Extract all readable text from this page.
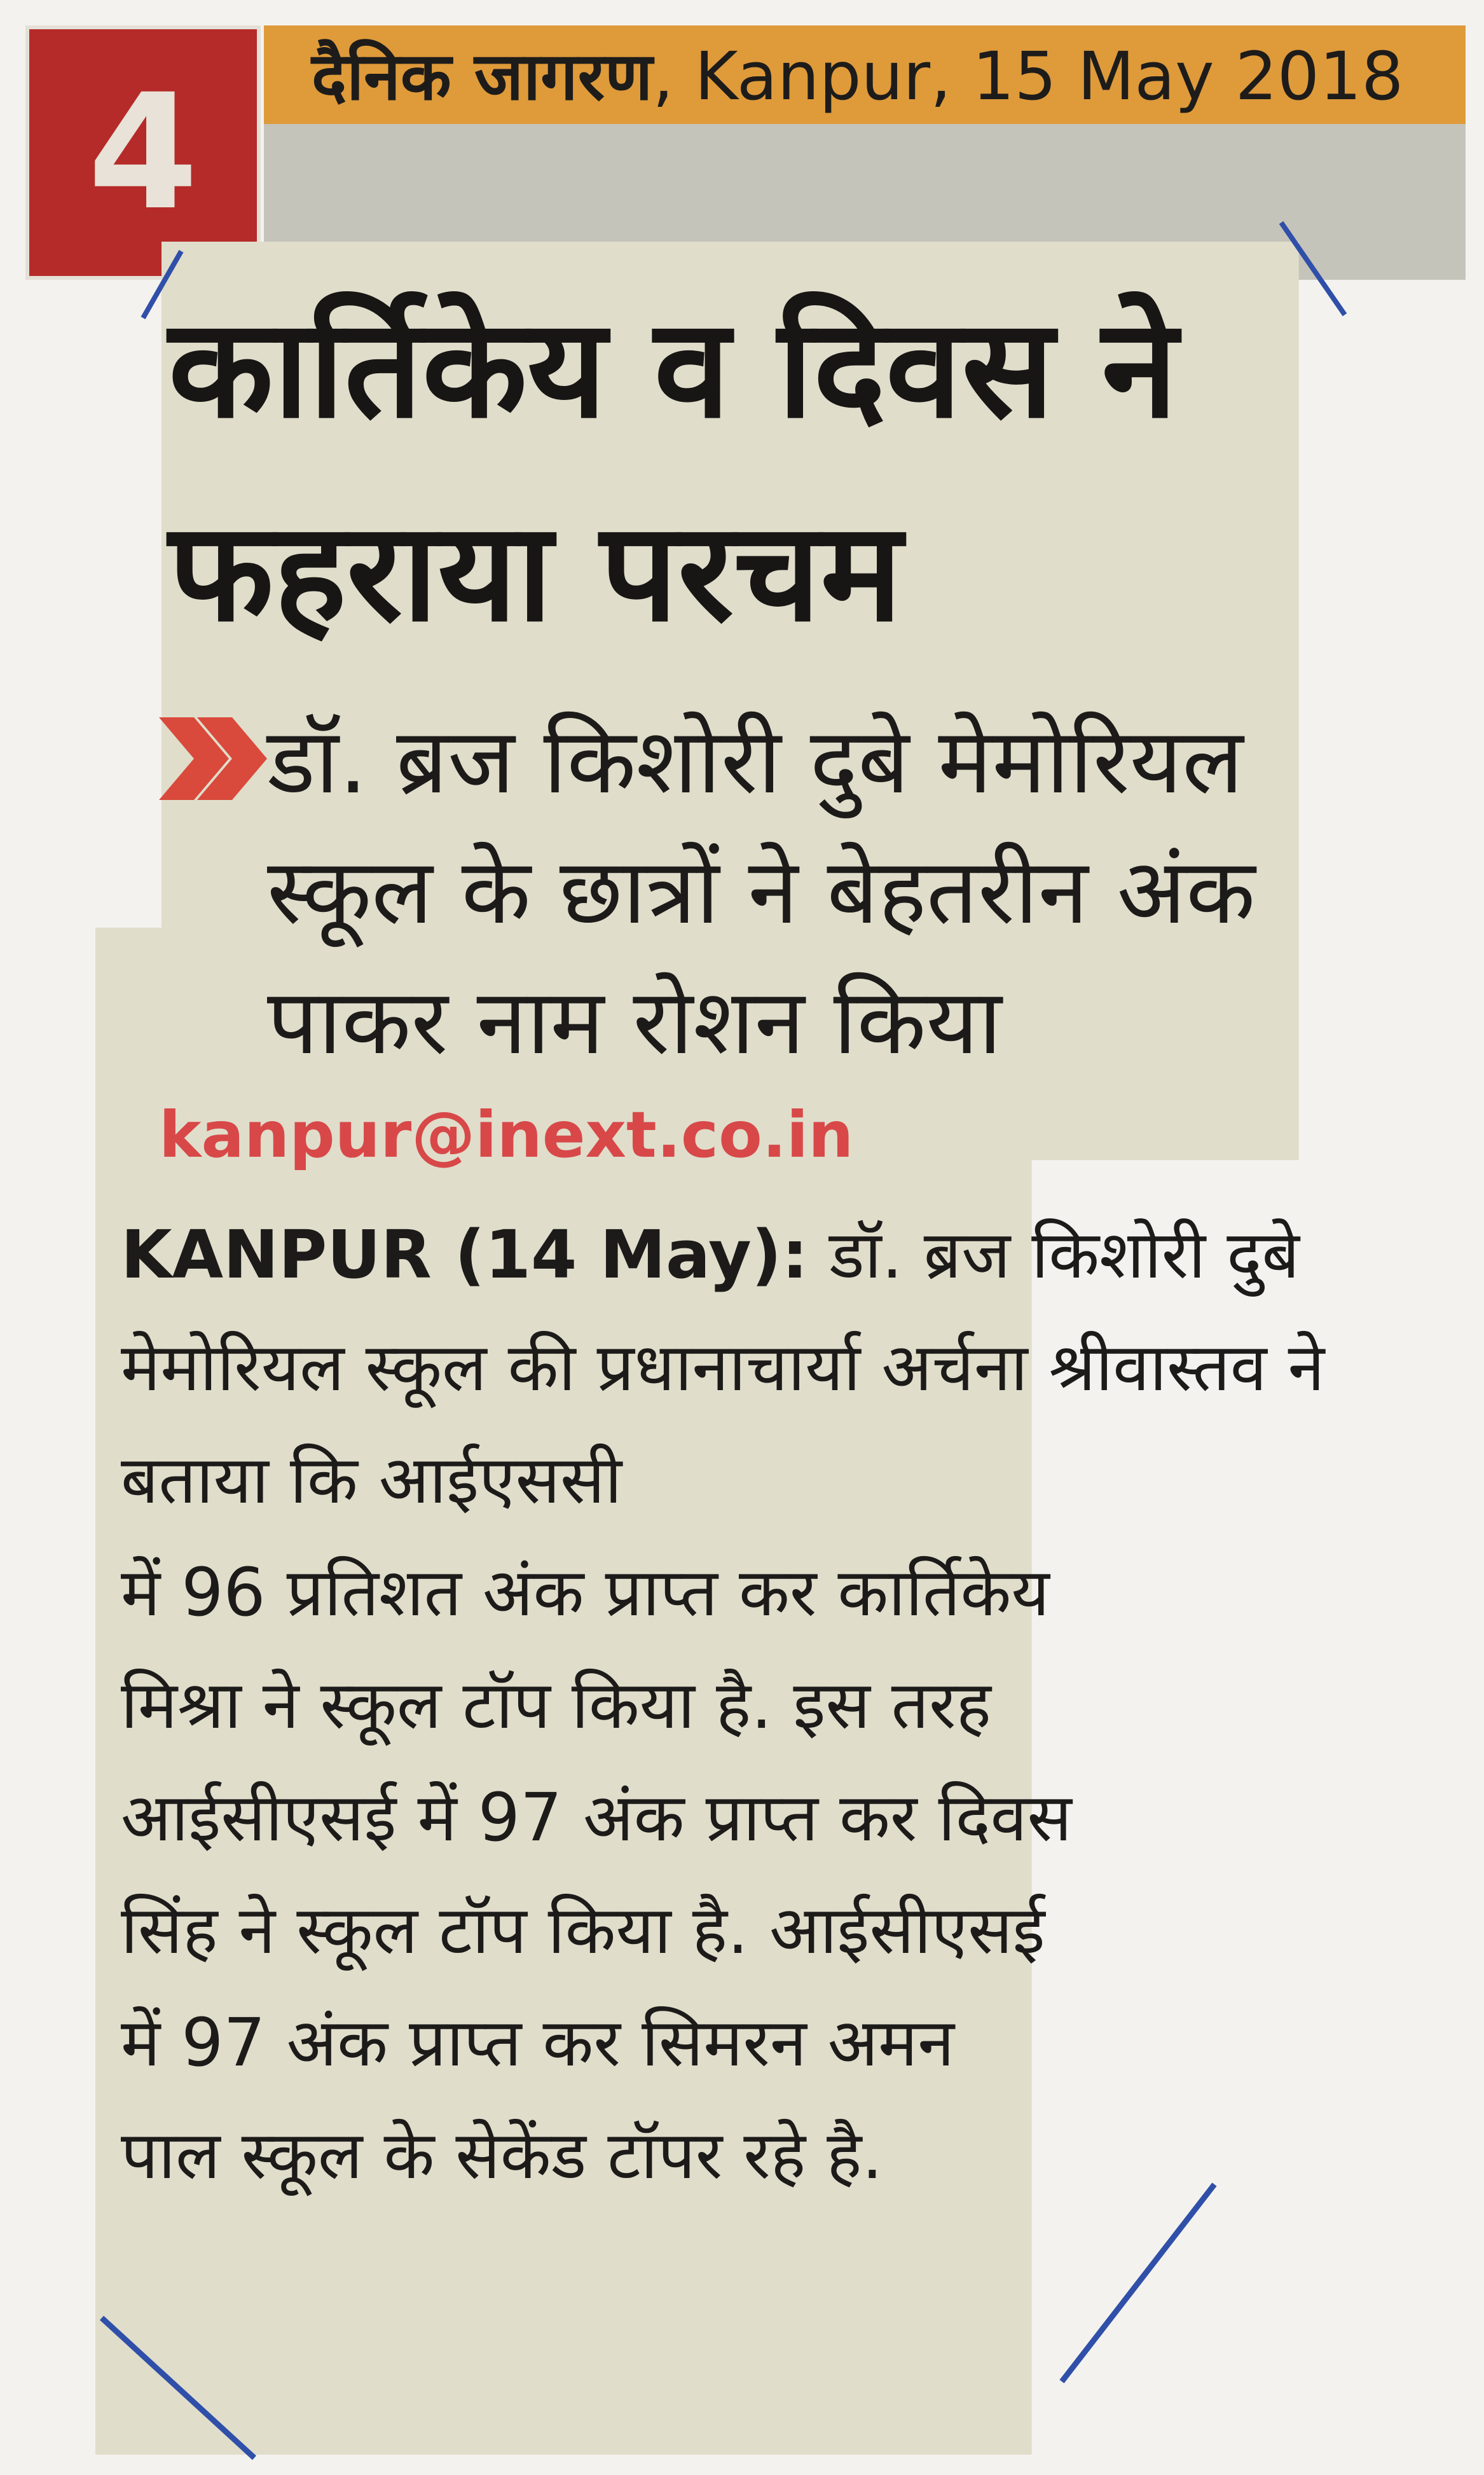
4	दैनिक जागरण, Kanpur, 15 May 2018
कार्तिकेय व दिवस ने फहराया परचम

डॉ. ब्रज किशोरी दुबे मेमोरियल स्कूल के छात्रों ने बेहतरीन अंक पाकर नाम रोशन किया

kanpur@inext.co.in

KANPUR (14 May): डॉ. ब्रज किशोरी दुबे मेमोरियल स्कूल की प्रधानाचार्या अर्चना श्रीवास्तव ने बताया कि आईएससी
में 96 प्रतिशत अंक प्राप्त कर कार्तिकेय मिश्रा ने स्कूल टॉप किया है. इस तरह आईसीएसई में 97 अंक प्राप्त कर दिवस सिंह ने स्कूल टॉप किया है. आईसीएसई में 97 अंक प्राप्त कर सिमरन अमन पाल स्कूल के सेकेंड टॉपर रहे है.
